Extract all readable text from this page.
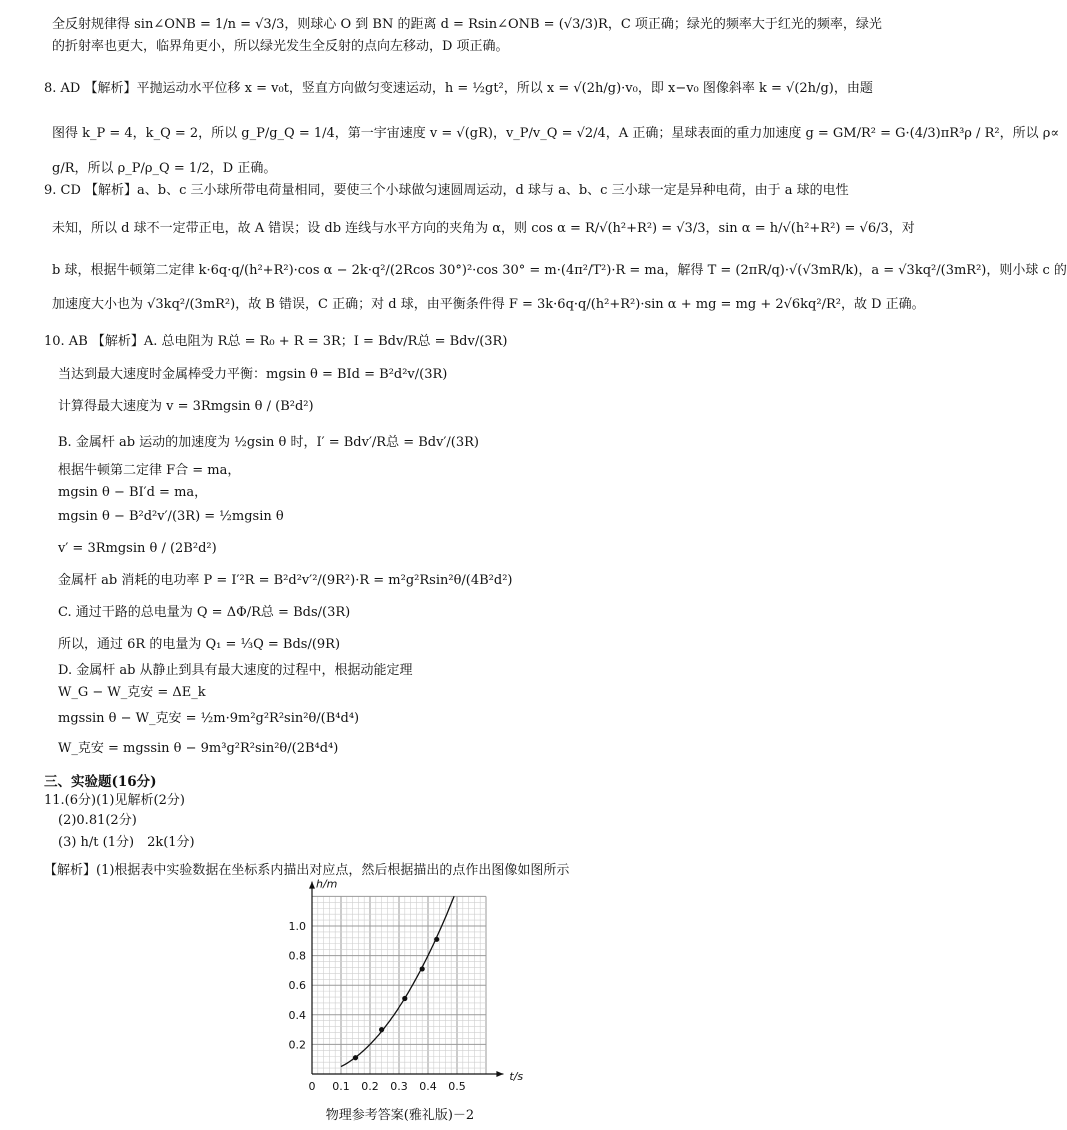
全反射规律得 sin∠ONB = 1/n = √3/3，则球心 O 到 BN 的距离 d = Rsin∠ONB = (√3/3)R，C 项正确；绿光的频率大于红光的频率，绿光
的折射率也更大，临界角更小，所以绿光发生全反射的点向左移动，D 项正确。
8. AD 【解析】平抛运动水平位移 x = v₀t，竖直方向做匀变速运动，h = ½gt²，所以 x = √(2h/g)·v₀，即 x−v₀ 图像斜率 k = √(2h/g)，由题
图得 k_P = 4，k_Q = 2，所以 g_P/g_Q = 1/4，第一宇宙速度 v = √(gR)，v_P/v_Q = √2/4，A 正确；星球表面的重力加速度 g = GM/R² = G·(4/3)πR³ρ / R²，所以 ρ∝
g/R，所以 ρ_P/ρ_Q = 1/2，D 正确。
9. CD 【解析】a、b、c 三小球所带电荷量相同，要使三个小球做匀速圆周运动，d 球与 a、b、c 三小球一定是异种电荷，由于 a 球的电性
未知，所以 d 球不一定带正电，故 A 错误；设 db 连线与水平方向的夹角为 α，则 cos α = R/√(h²+R²) = √3/3，sin α = h/√(h²+R²) = √6/3，对
b 球，根据牛顿第二定律 k·6q·q/(h²+R²)·cos α − 2k·q²/(2Rcos 30°)²·cos 30° = m·(4π²/T²)·R = ma，解得 T = (2πR/q)·√(√3mR/k)，a = √3kq²/(3mR²)，则小球 c 的
加速度大小也为 √3kq²/(3mR²)，故 B 错误，C 正确；对 d 球，由平衡条件得 F = 3k·6q·q/(h²+R²)·sin α + mg = mg + 2√6kq²/R²，故 D 正确。
10. AB 【解析】A. 总电阻为 R总 = R₀ + R = 3R；I = Bdv/R总 = Bdv/(3R)
当达到最大速度时金属棒受力平衡：mgsin θ = BId = B²d²v/(3R)
计算得最大速度为 v = 3Rmgsin θ / (B²d²)
B. 金属杆 ab 运动的加速度为 ½gsin θ 时，I′ = Bdv′/R总 = Bdv′/(3R)
根据牛顿第二定律 F合 = ma，
mgsin θ − BI′d = ma，
mgsin θ − B²d²v′/(3R) = ½mgsin θ
v′ = 3Rmgsin θ / (2B²d²)
金属杆 ab 消耗的电功率 P = I′²R = B²d²v′²/(9R²)·R = m²g²Rsin²θ/(4B²d²)
C. 通过干路的总电量为 Q = ΔΦ/R总 = Bds/(3R)
所以，通过 6R 的电量为 Q₁ = ⅓Q = Bds/(9R)
D. 金属杆 ab 从静止到具有最大速度的过程中，根据动能定理
W_G − W_克安 = ΔE_k
mgssin θ − W_克安 = ½m·9m²g²R²sin²θ/(B⁴d⁴)
W_克安 = mgssin θ − 9m³g²R²sin²θ/(2B⁴d⁴)
三、实验题(16分)
11.(6分)(1)见解析(2分)
(2)0.81(2分)
(3) h/t (1分)　2k(1分)
【解析】(1)根据表中实验数据在坐标系内描出对应点，然后根据描出的点作出图像如图所示
0 0.1 0.2 0.3 0.4 0.5
0.2
0.4
0.6
0.8
1.0
t/s
h/m
物理参考答案(雅礼版)－2
